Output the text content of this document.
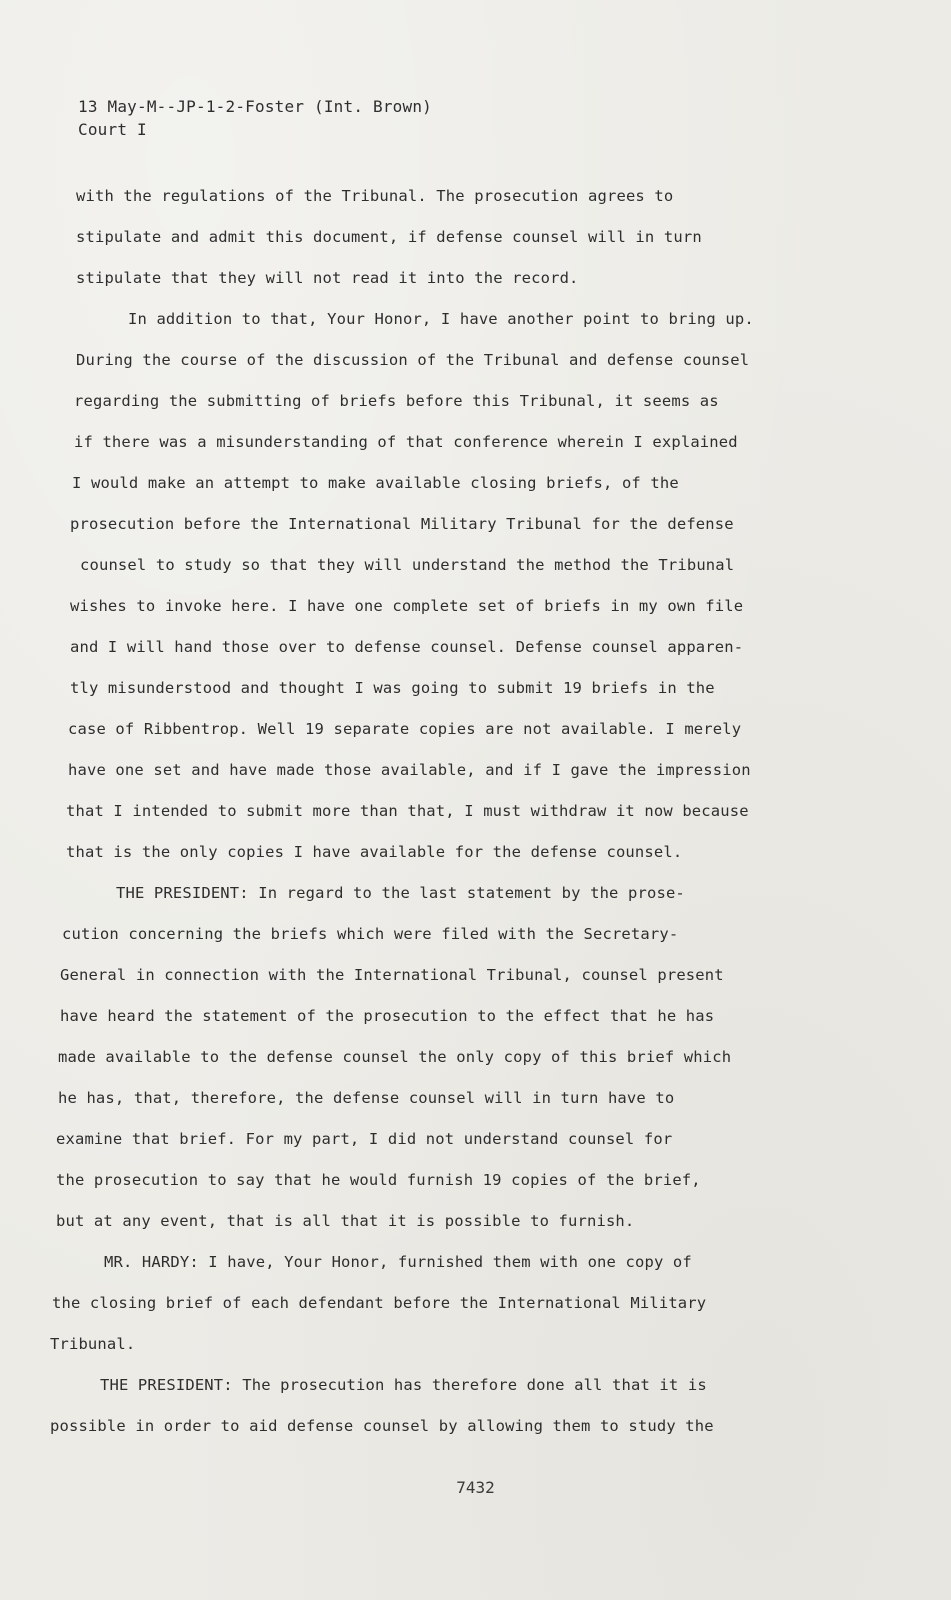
13 May-M--JP-1-2-Foster (Int. Brown)
Court I
with the regulations of the Tribunal. The prosecution agrees to
stipulate and admit this document, if defense counsel will in turn
stipulate that they will not read it into the record.
In addition to that, Your Honor, I have another point to bring up.
During the course of the discussion of the Tribunal and defense counsel
regarding the submitting of briefs before this Tribunal, it seems as
if there was a misunderstanding of that conference wherein I explained
I would make an attempt to make available closing briefs, of the
prosecution before the International Military Tribunal for the defense
counsel to study so that they will understand the method the Tribunal
wishes to invoke here. I have one complete set of briefs in my own file
and I will hand those over to defense counsel. Defense counsel apparen-
tly misunderstood and thought I was going to submit 19 briefs in the
case of Ribbentrop. Well 19 separate copies are not available. I merely
have one set and have made those available, and if I gave the impression
that I intended to submit more than that, I must withdraw it now because
that is the only copies I have available for the defense counsel.
THE PRESIDENT: In regard to the last statement by the prose-
cution concerning the briefs which were filed with the Secretary-
General in connection with the International Tribunal, counsel present
have heard the statement of the prosecution to the effect that he has
made available to the defense counsel the only copy of this brief which
he has, that, therefore, the defense counsel will in turn have to
examine that brief. For my part, I did not understand counsel for
the prosecution to say that he would furnish 19 copies of the brief,
but at any event, that is all that it is possible to furnish.
MR. HARDY: I have, Your Honor, furnished them with one copy of
the closing brief of each defendant before the International Military
Tribunal.
THE PRESIDENT: The prosecution has therefore done all that it is
possible in order to aid defense counsel by allowing them to study the
7432
